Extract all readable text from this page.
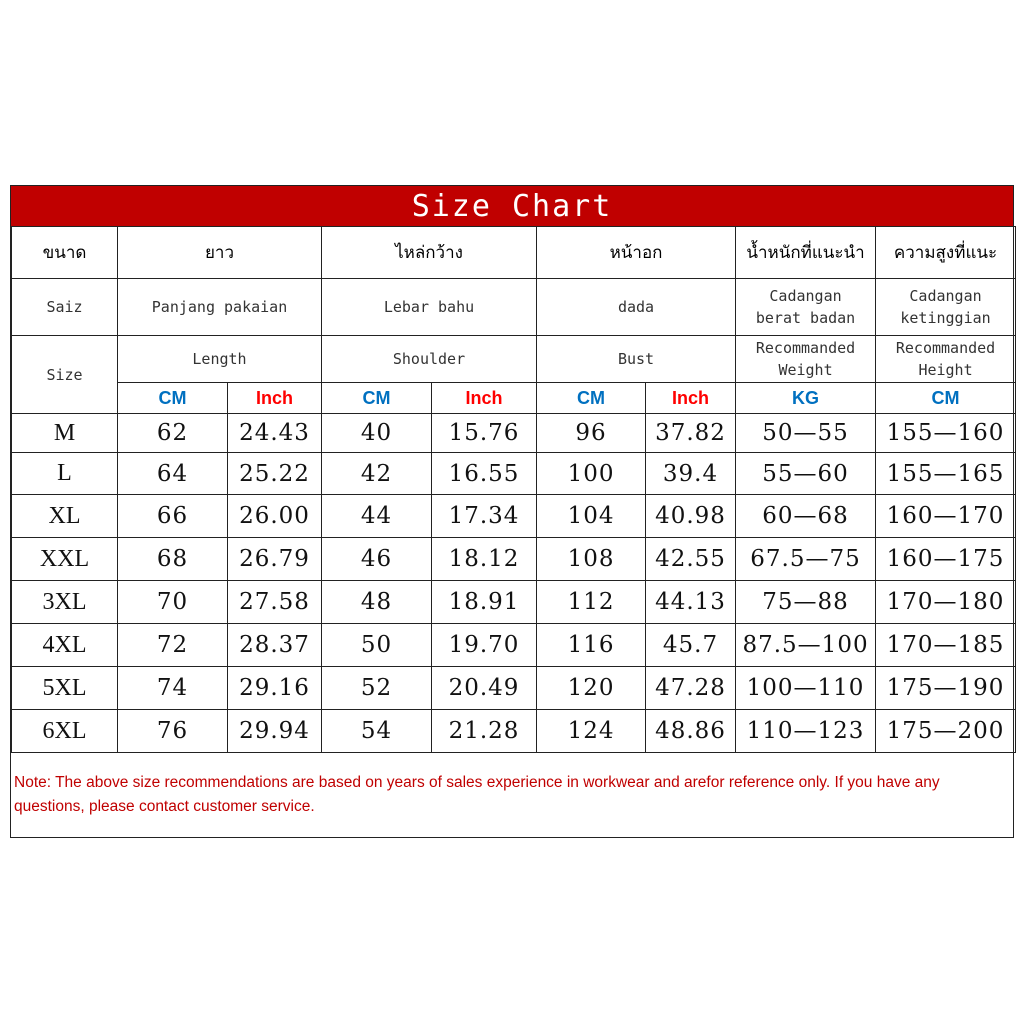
Size Chart
ขนาด	ยาว		ไหล่กว้าง		หน้าอก		น้ำหนักที่แนะนำ	ความสูงที่แนะ
Saiz	Panjang pakaian		Lebar bahu		dada		Cadangan berat badan	Cadangan ketinggian
Size	Length		Shoulder		Bust		Recommanded Weight	Recommanded Height
	CM	Inch	CM	Inch	CM	Inch	KG	CM
M	62	24.43	40	15.76	96	37.82	50—55	155—160
L	64	25.22	42	16.55	100	39.4	55—60	155—165
XL	66	26.00	44	17.34	104	40.98	60—68	160—170
XXL	68	26.79	46	18.12	108	42.55	67.5—75	160—175
3XL	70	27.58	48	18.91	112	44.13	75—88	170—180
4XL	72	28.37	50	19.70	116	45.7	87.5—100	170—185
5XL	74	29.16	52	20.49	120	47.28	100—110	175—190
6XL	76	29.94	54	21.28	124	48.86	110—123	175—200
Note: The above size recommendations are based on years of sales experience in workwear and arefor reference only. If you have any questions, please contact customer service.
